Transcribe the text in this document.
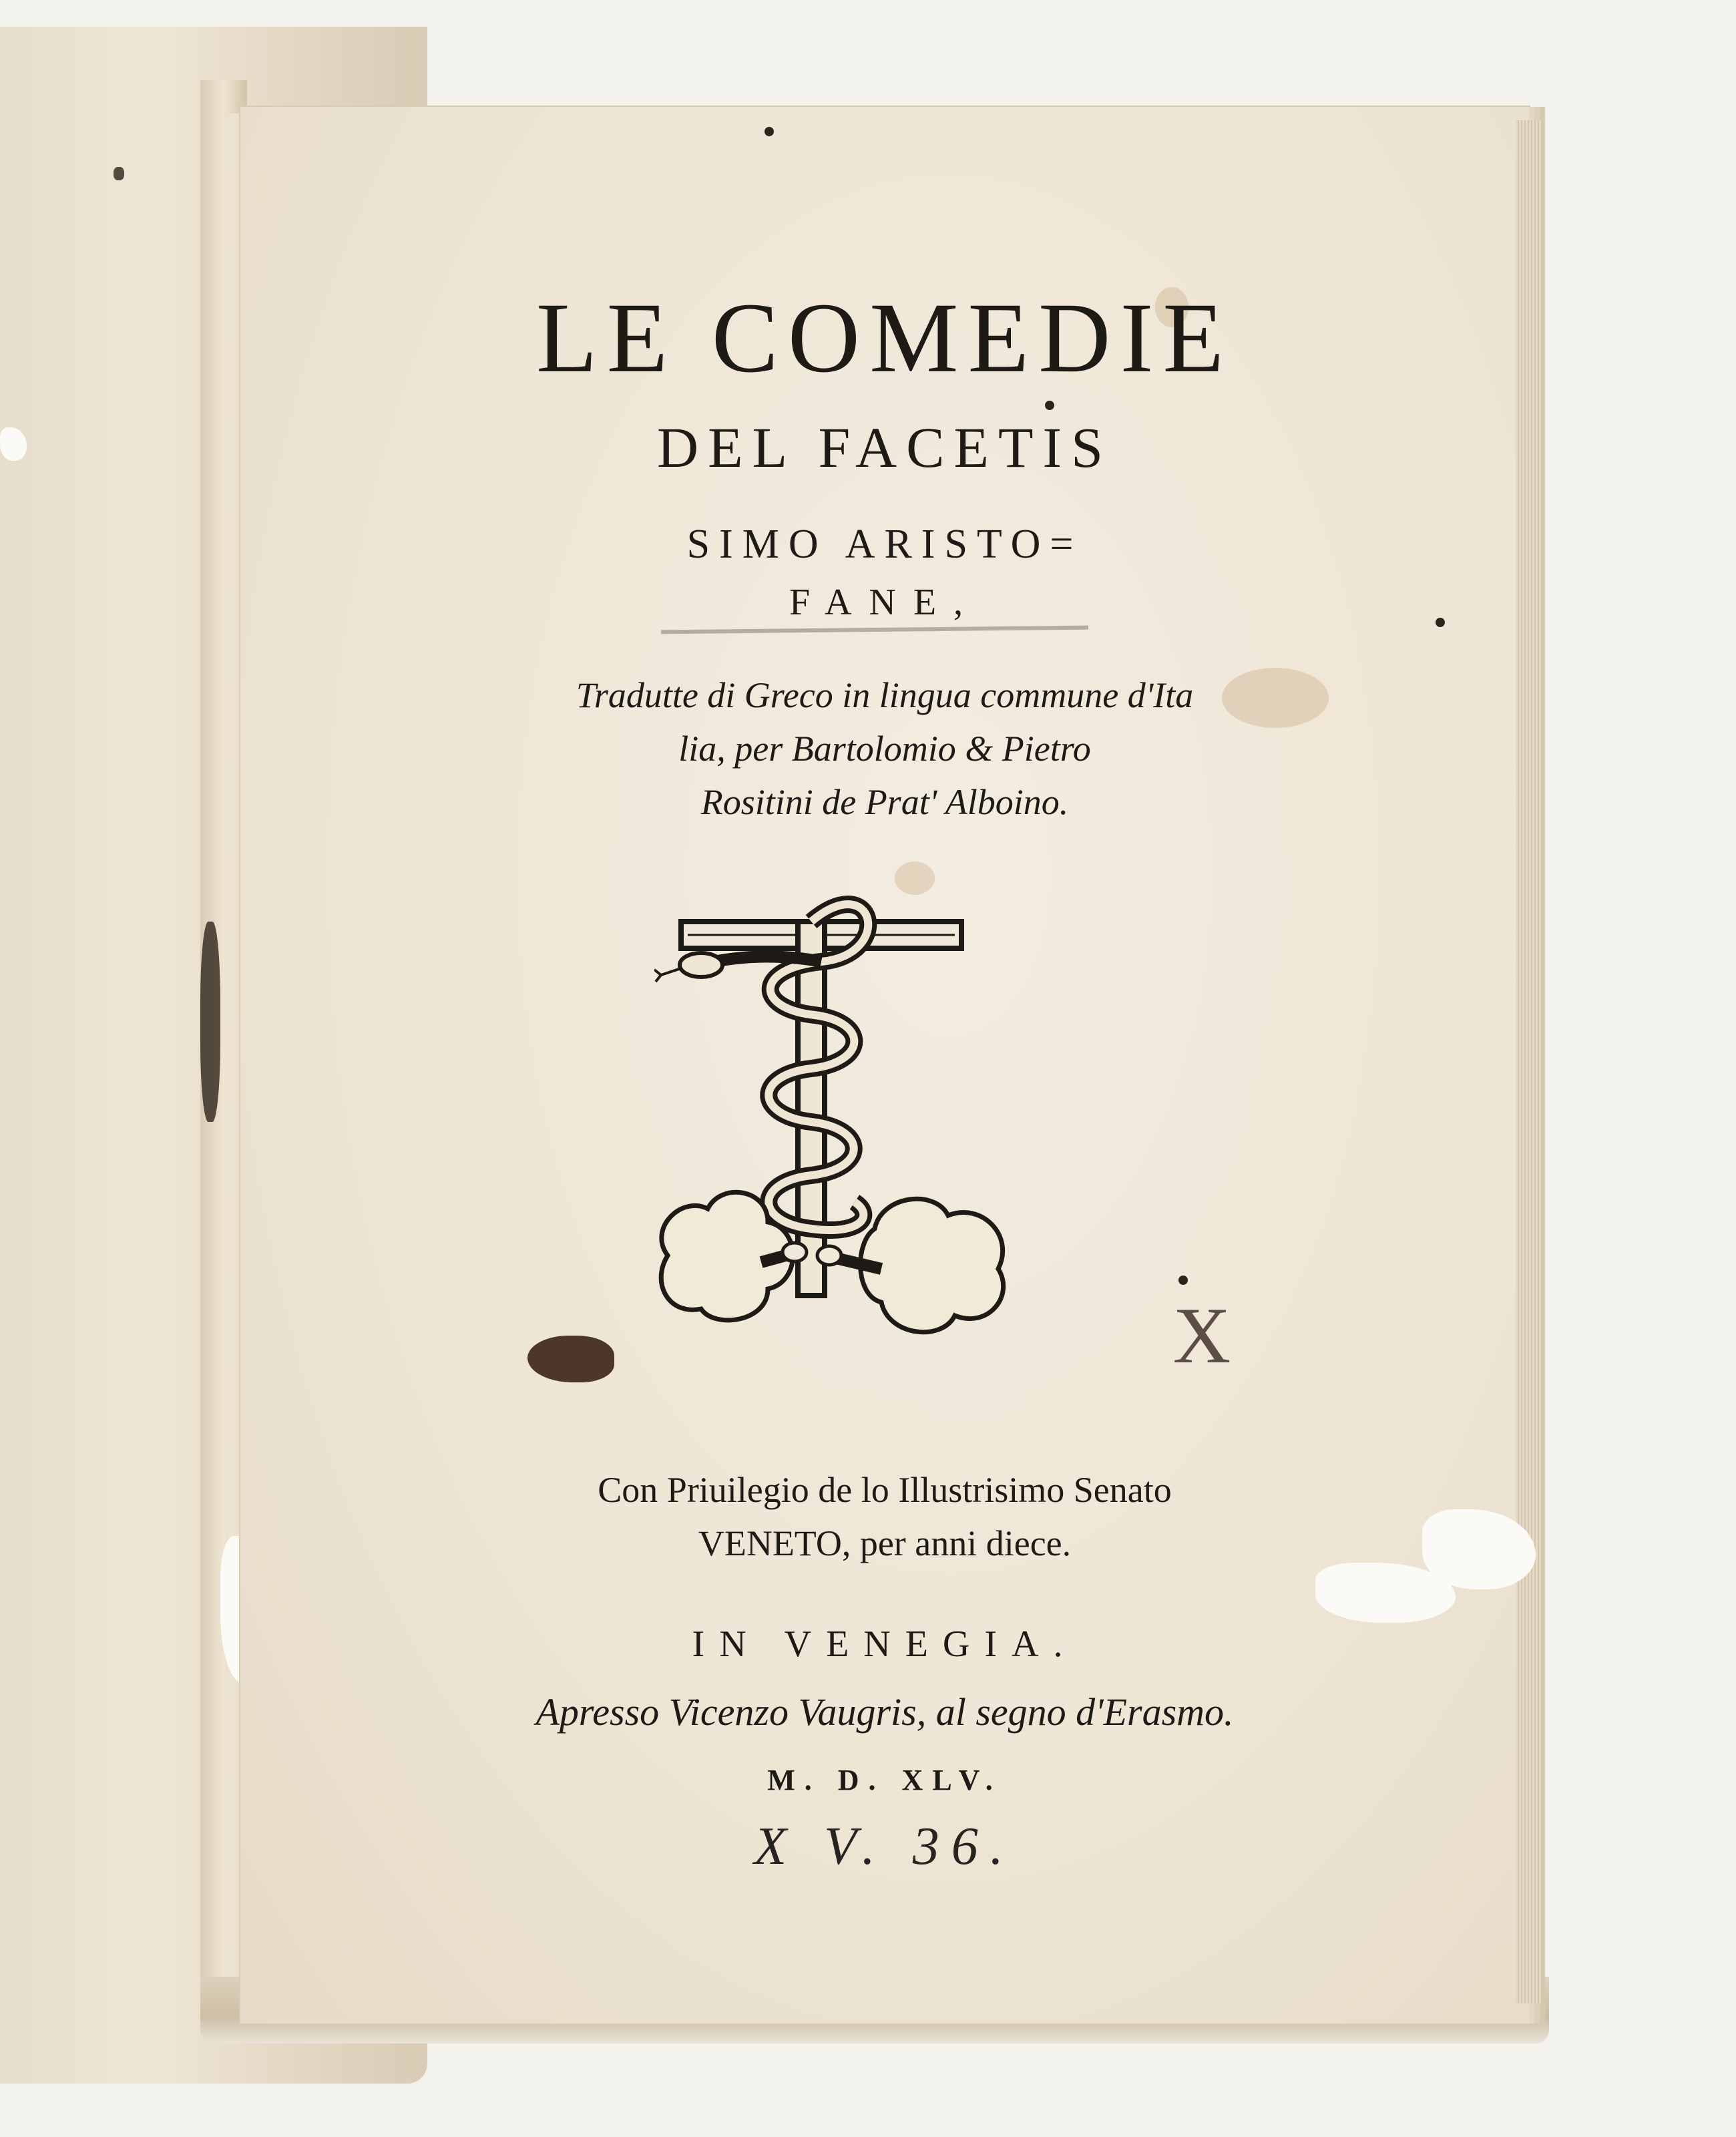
LE COMEDIE
DEL FACETIS
SIMO ARISTO=
FANE,
Tradutte di Greco in lingua commune d'Ita
lia, per Bartolomio & Pietro
Rositini de Prat' Alboino.
X
Con Priuilegio de lo Illustrisimo Senato
VENETO, per anni diece.
IN VENEGIA.
Apresso Vicenzo Vaugris, al segno d'Erasmo.
M. D. XLV.
X V. 36.
